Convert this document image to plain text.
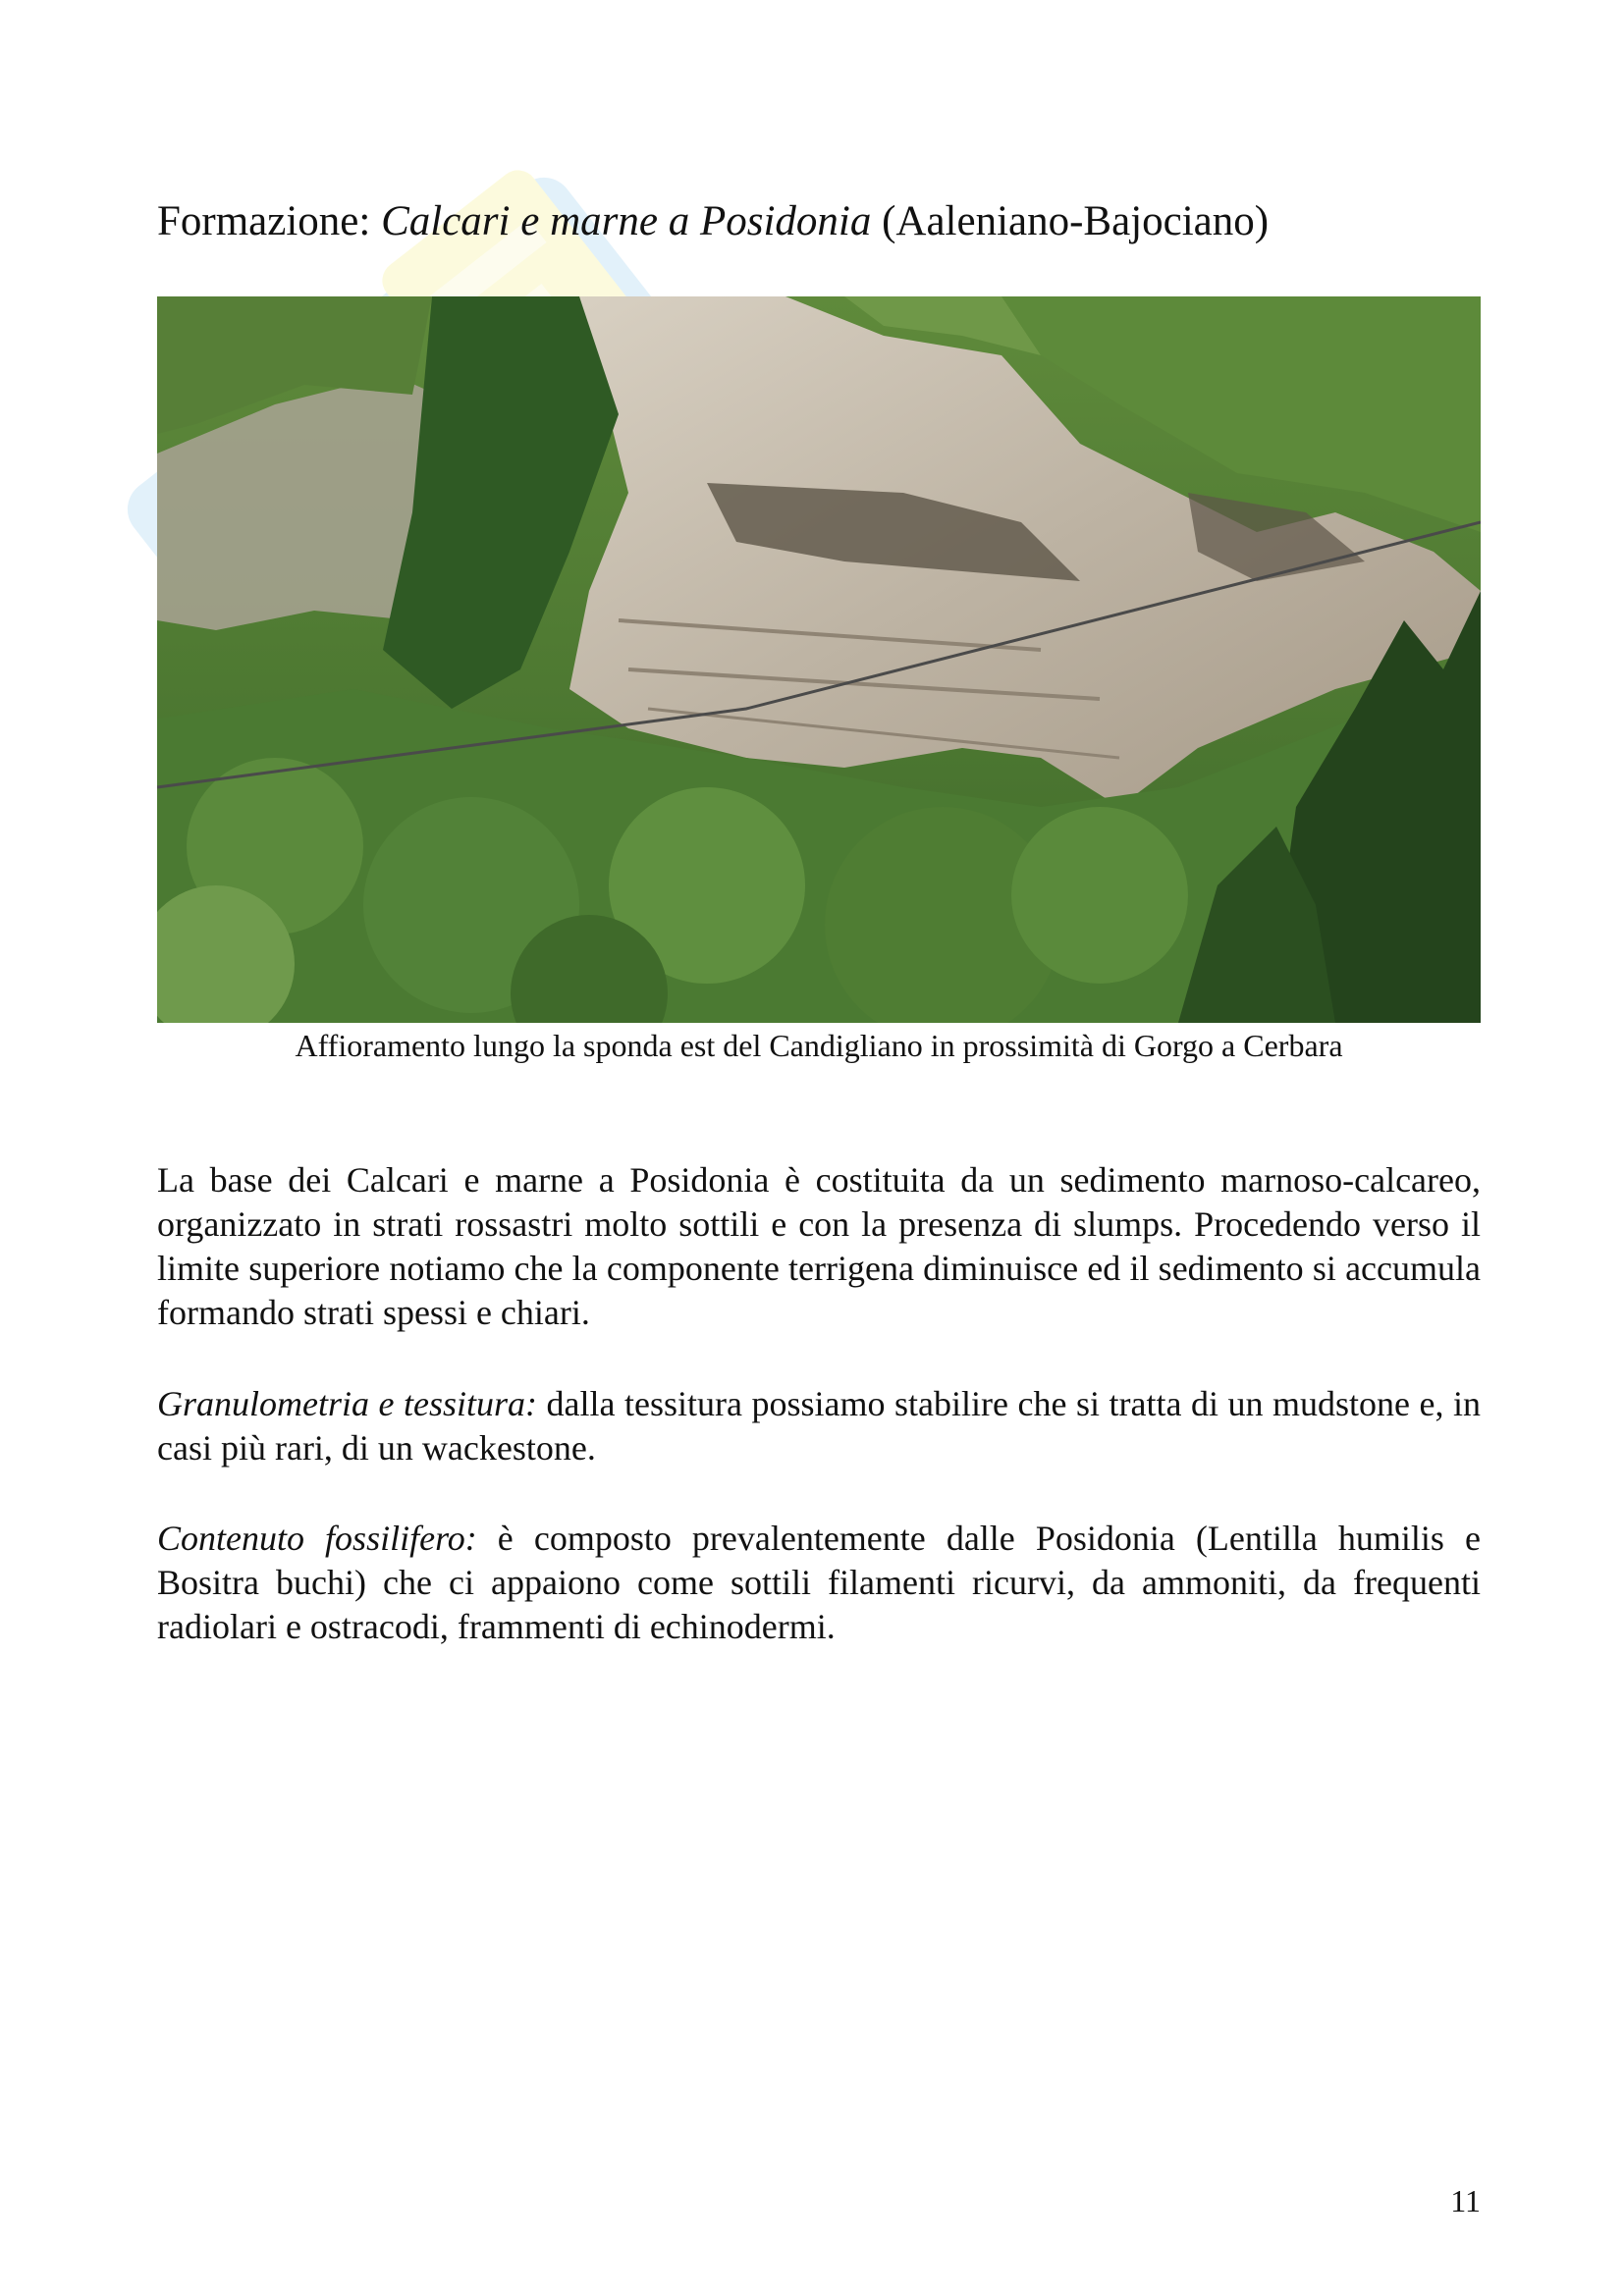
Formazione: Calcari e marne a Posidonia (Aaleniano-Bajociano)
Affioramento lungo la sponda est del Candigliano in prossimità di Gorgo a Cerbara

La base dei Calcari e marne a Posidonia è costituita da un sedimento marnoso-calcareo, organizzato in strati rossastri molto sottili e con la presenza di slumps. Procedendo verso il limite superiore notiamo che la componente terrigena diminuisce ed il sedimento si accumula formando strati spessi e chiari.

Granulometria e tessitura: dalla tessitura possiamo stabilire che si tratta di un mudstone e, in casi più rari, di un wackestone.

Contenuto fossilifero: è composto prevalentemente dalle Posidonia (Lentilla humilis e Bositra buchi) che ci appaiono come sottili filamenti ricurvi, da ammoniti, da frequenti radiolari e ostracodi, frammenti di echinodermi.

11
